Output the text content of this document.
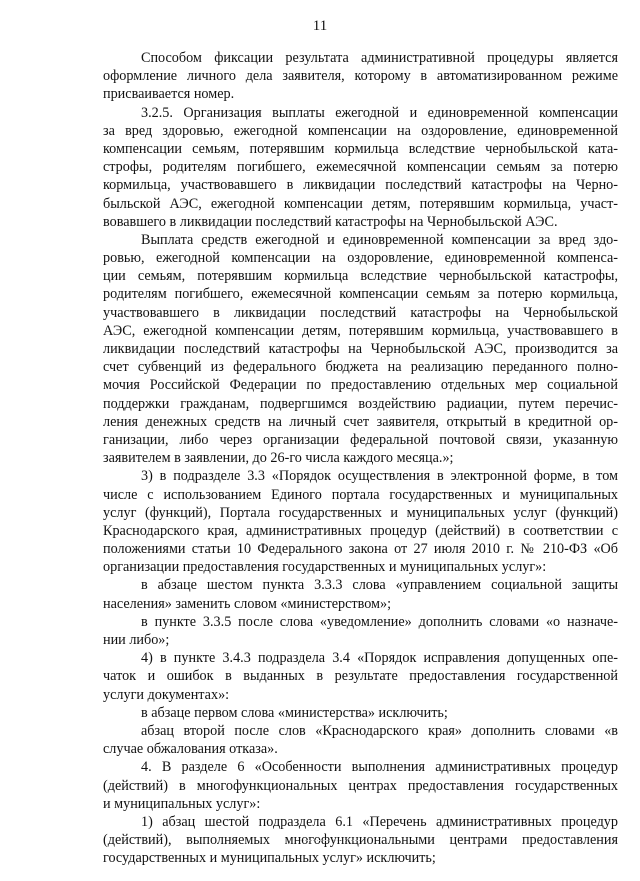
11
Способом фиксации результата административной процедуры является
оформление личного дела заявителя, которому в автоматизированном режиме
присваивается номер.
3.2.5. Организация выплаты ежегодной и единовременной компенсации
за вред здоровью, ежегодной компенсации на оздоровление, единовременной
компенсации семьям, потерявшим кормильца вследствие чернобыльской ката-
строфы, родителям погибшего, ежемесячной компенсации семьям за потерю
кормильца, участвовавшего в ликвидации последствий катастрофы на Черно-
быльской АЭС, ежегодной компенсации детям, потерявшим кормильца, участ-
вовавшего в ликвидации последствий катастрофы на Чернобыльской АЭС.
Выплата средств ежегодной и единовременной компенсации за вред здо-
ровью, ежегодной компенсации на оздоровление, единовременной компенса-
ции семьям, потерявшим кормильца вследствие чернобыльской катастрофы,
родителям погибшего, ежемесячной компенсации семьям за потерю кормильца,
участвовавшего в ликвидации последствий катастрофы на Чернобыльской
АЭС, ежегодной компенсации детям, потерявшим кормильца, участвовавшего в
ликвидации последствий катастрофы на Чернобыльской АЭС, производится за
счет субвенций из федерального бюджета на реализацию переданного полно-
мочия Российской Федерации по предоставлению отдельных мер социальной
поддержки гражданам, подвергшимся воздействию радиации, путем перечис-
ления денежных средств на личный счет заявителя, открытый в кредитной ор-
ганизации, либо через организации федеральной почтовой связи, указанную
заявителем в заявлении, до 26-го числа каждого месяца.»;
3) в подразделе 3.3 «Порядок осуществления в электронной форме, в том
числе с использованием Единого портала государственных и муниципальных
услуг (функций), Портала государственных и муниципальных услуг (функций)
Краснодарского края, административных процедур (действий) в соответствии с
положениями статьи 10 Федерального закона от 27 июля 2010 г. № 210-ФЗ «Об
организации предоставления государственных и муниципальных услуг»:
в абзаце шестом пункта 3.3.3 слова «управлением социальной защиты
населения» заменить словом «министерством»;
в пункте 3.3.5 после слова «уведомление» дополнить словами «о назначе-
нии либо»;
4) в пункте 3.4.3 подраздела 3.4 «Порядок исправления допущенных опе-
чаток и ошибок в выданных в результате предоставления государственной
услуги документах»:
в абзаце первом слова «министерства» исключить;
абзац второй после слов «Краснодарского края» дополнить словами «в
случае обжалования отказа».
4. В разделе 6 «Особенности выполнения административных процедур
(действий) в многофункциональных центрах предоставления государственных
и муниципальных услуг»:
1) абзац шестой подраздела 6.1 «Перечень административных процедур
(действий), выполняемых многофункциональными центрами предоставления
государственных и муниципальных услуг» исключить;
